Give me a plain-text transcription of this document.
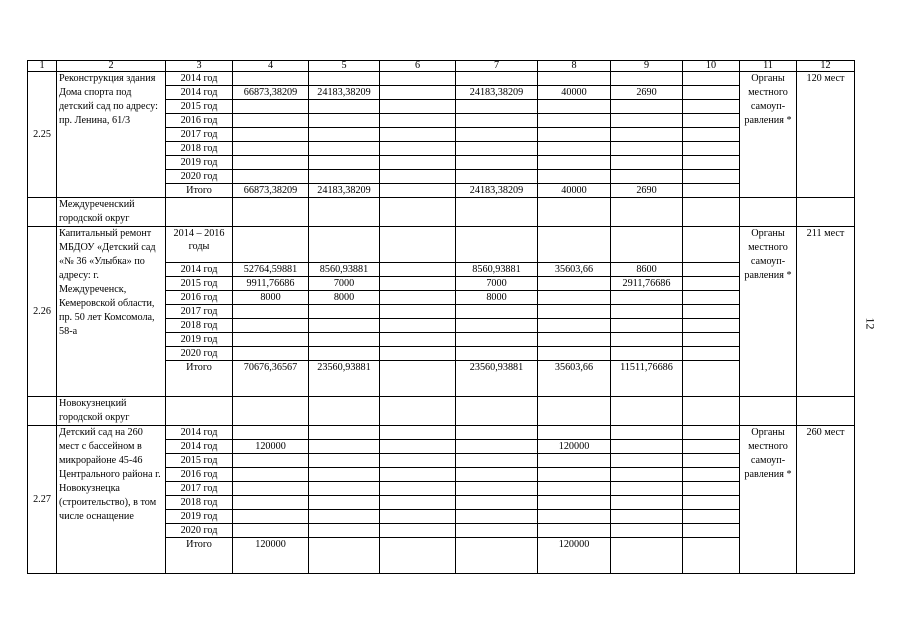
1	2	3	4	5	6	7	8	9	10	11	12
2.25	Реконструкция здания Дома спорта под детский сад по адресу: пр. Ленина, 61/3	2014 год								Органы местного самоуп-равления *	120 мест
		2014 год	66873,38209	24183,38209		24183,38209	40000	2690			
		2015 год									
		2016 год									
		2017 год									
		2018 год									
		2019 год									
		2020 год									
		Итого	66873,38209	24183,38209		24183,38209	40000	2690			
	Междуреченский городской округ										
2.26	Капитальный ремонт МБДОУ «Детский сад «№ 36 «Улыбка» по адресу: г. Междуреченск, Кемеровской области, пр. 50 лет Комсомола, 58-а	2014 – 2016 годы								Органы местного самоуп-равления *	211 мест
		2014 год	52764,59881	8560,93881		8560,93881	35603,66	8600			
		2015 год	9911,76686	7000		7000		2911,76686			
		2016 год	8000	8000		8000					
		2017 год									
		2018 год									
		2019 год									
		2020 год									
		Итого	70676,36567	23560,93881		23560,93881	35603,66	11511,76686			
	Новокузнецкий городской округ										
2.27	Детский сад на 260 мест с бассейном в микрорайоне 45-46 Центрального района г. Новокузнецка (строительство), в том числе оснащение	2014 год								Органы местного самоуп-равления *	260 мест
		2014 год	120000				120000				
		2015 год									
		2016 год									
		2017 год									
		2018 год									
		2019 год									
		2020 год									
		Итого	120000				120000				
12
